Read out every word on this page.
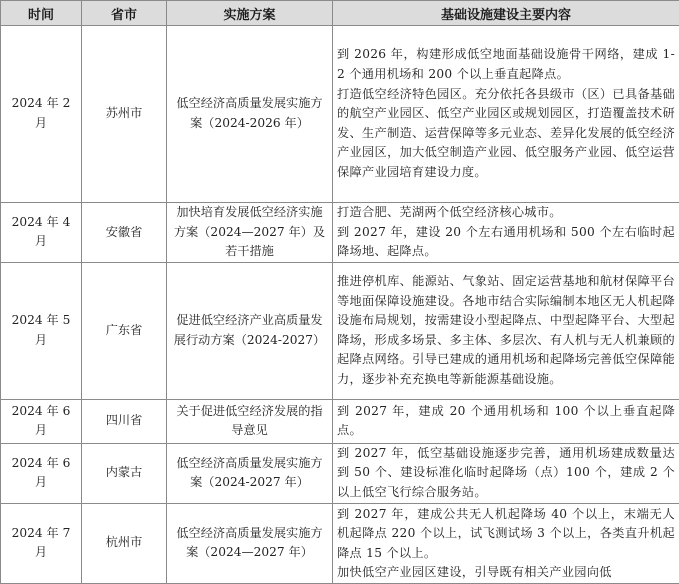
时间	省市	实施方案	基础设施建设主要内容
2024 年 2 月	苏州市	低空经济高质量发展实施方案（2024-2026 年）	到 2026 年，构建形成低空地面基础设施骨干网络，建成 1-2 个通用机场和 200 个以上垂直起降点。
打造低空经济特色园区。充分依托各县级市（区）已具备基础的航空产业园区、低空产业园区或规划园区，打造覆盖技术研发、生产制造、运营保障等多元业态、差异化发展的低空经济产业园区，加大低空制造产业园、低空服务产业园、低空运营保障产业园培育建设力度。

2024 年 4 月	安徽省	加快培育发展低空经济实施方案（2024—2027 年）及若干措施	打造合肥、芜湖两个低空经济核心城市。
到 2027 年，建设 20 个左右通用机场和 500 个左右临时起降场地、起降点。

2024 年 5 月	广东省	促进低空经济产业高质量发展行动方案（2024-2027）	推进停机库、能源站、气象站、固定运营基地和航材保障平台等地面保障设施建设。各地市结合实际编制本地区无人机起降设施布局规划，按需建设小型起降点、中型起降平台、大型起降场，形成多场景、多主体、多层次、有人机与无人机兼顾的起降点网络。引导已建成的通用机场和起降场完善低空保障能力，逐步补充充换电等新能源基础设施。

2024 年 6 月	四川省	关于促进低空经济发展的指导意见	到 2027 年，建成 20 个通用机场和 100 个以上垂直起降点。

2024 年 6 月	内蒙古	低空经济高质量发展实施方案（2024-2027 年）	到 2027 年，低空基础设施逐步完善，通用机场建成数量达到 50 个、建设标准化临时起降场（点）100 个，建成 2 个以上低空飞行综合服务站。

2024 年 7 月	杭州市	低空经济高质量发展实施方案（2024—2027 年）	到 2027 年，建成公共无人机起降场 40 个以上，末端无人机起降点 220 个以上，试飞测试场 3 个以上，各类直升机起降点 15 个以上。
加快低空产业园区建设，引导既有相关产业园向低
